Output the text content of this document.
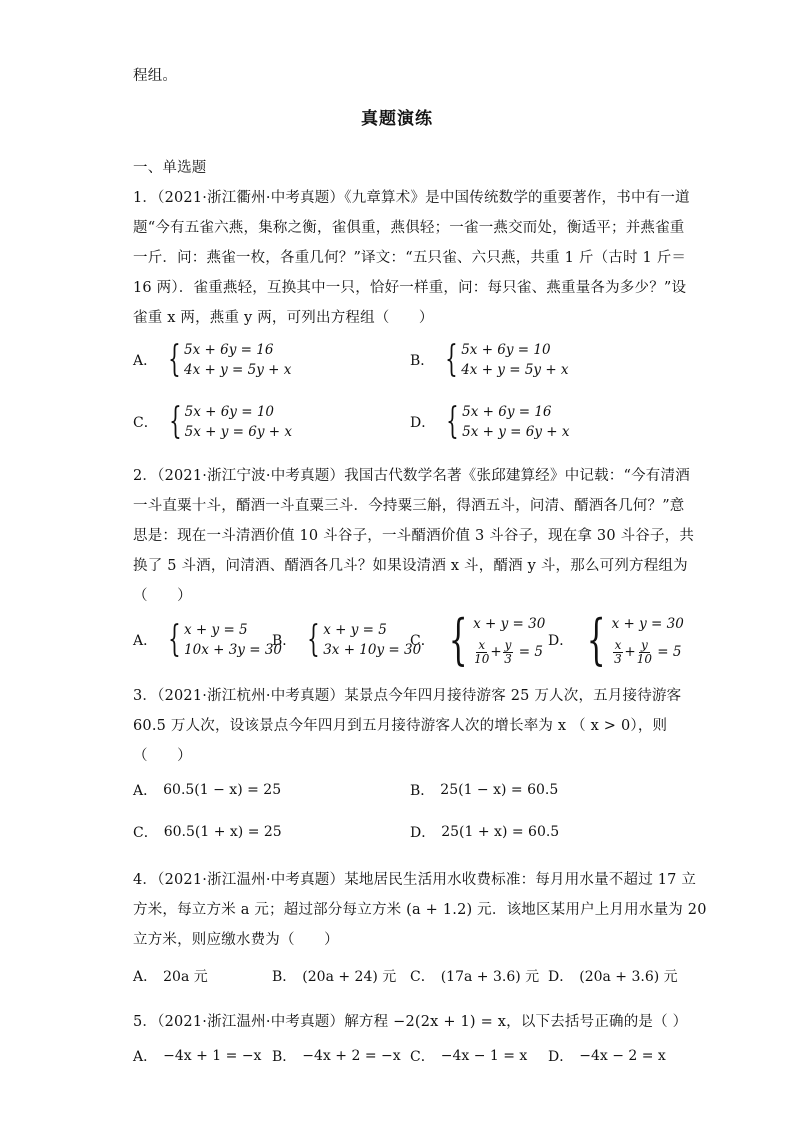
程组。
真题演练
一、单选题
1．（2021·浙江衢州·中考真题）《九章算术》是中国传统数学的重要著作，书中有一道
题“今有五雀六燕，集称之衡，雀俱重，燕俱轻；一雀一燕交而处，衡适平；并燕雀重
一斤．问：燕雀一枚，各重几何？”译文：“五只雀、六只燕，共重 1 斤（古时 1 斤＝
16 两）．雀重燕轻，互换其中一只，恰好一样重，问：每只雀、燕重量各为多少？”设
雀重 x 两，燕重 y 两，可列出方程组（　　）
A． { 5x + 6y = 16
4x + y = 5y + x
B． { 5x + 6y = 10
4x + y = 5y + x
C． { 5x + 6y = 10
5x + y = 6y + x
D． { 5x + 6y = 16
5x + y = 6y + x
2．（2021·浙江宁波·中考真题）我国古代数学名著《张邱建算经》中记载：“今有清酒
一斗直粟十斗，醑酒一斗直粟三斗．今持粟三斛，得酒五斗，问清、醑酒各几何？”意
思是：现在一斗清酒价值 10 斗谷子，一斗醑酒价值 3 斗谷子，现在拿 30 斗谷子，共
换了 5 斗酒，问清酒、醑酒各几斗？如果设清酒 x 斗，醑酒 y 斗，那么可列方程组为
（　　）
A． { x + y = 5
10x + 3y = 30
B． { x + y = 5
3x + 10y = 30
C． { x + y = 30
$\frac{x}{10} + \frac{y}{3} = 5$
D． { x + y = 30
$\frac{x}{3} + \frac{y}{10} = 5$
3．（2021·浙江杭州·中考真题）某景点今年四月接待游客 25 万人次，五月接待游客
60.5 万人次，设该景点今年四月到五月接待游客人次的增长率为 x （ x > 0），则
（　　）
A． 60.5(1 − x) = 25	B． 25(1 − x) = 60.5
C． 60.5(1 + x) = 25	D． 25(1 + x) = 60.5
4．（2021·浙江温州·中考真题）某地居民生活用水收费标准：每月用水量不超过 17 立
方米，每立方米 a 元；超过部分每立方米 (a + 1.2) 元．该地区某用户上月用水量为 20
立方米，则应缴水费为（　　）
A． 20a 元	B． (20a + 24) 元 C． (17a + 3.6) 元 D． (20a + 3.6) 元
5．（2021·浙江温州·中考真题）解方程 −2(2x + 1) = x，以下去括号正确的是（ ）
A． −4x + 1 = −x B． −4x + 2 = −x C． −4x − 1 = x D． −4x − 2 = x
